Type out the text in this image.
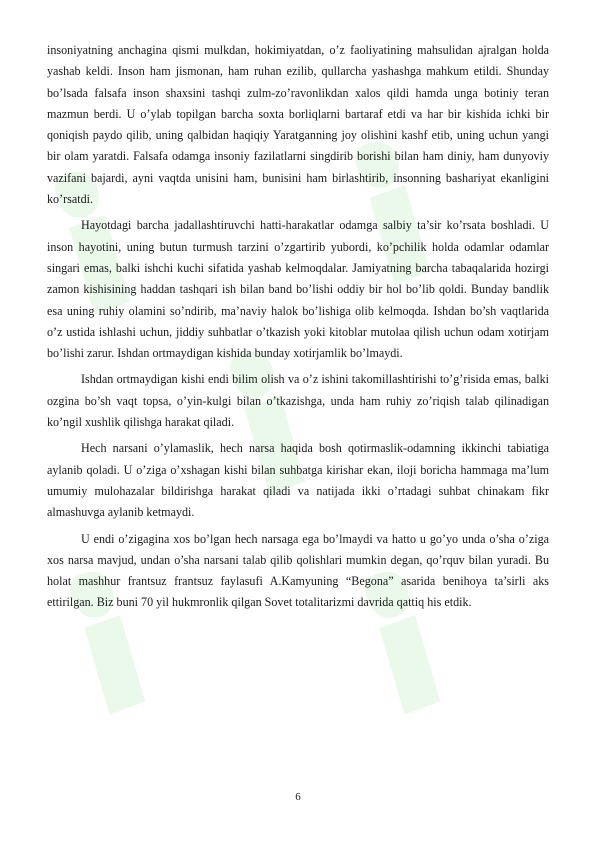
insoniyatning anchagina qismi mulkdan, hokimiyatdan, o’z faoliyatining mahsulidan ajralgan holda yashab keldi. Inson ham jismonan, ham ruhan ezilib, qullarcha yashashga mahkum etildi. Shunday bo’lsada falsafa inson shaxsini tashqi zulm-zo’ravonlikdan xalos qildi hamda unga botiniy teran mazmun berdi. U o’ylab topilgan barcha soxta borliqlarni bartaraf etdi va har bir kishida ichki bir qoniqish paydo qilib, uning qalbidan haqiqiy Yaratganning joy olishini kashf etib, uning uchun yangi bir olam yaratdi. Falsafa odamga insoniy fazilatlarni singdirib borishi bilan ham diniy, ham dunyoviy vazifani bajardi, ayni vaqtda unisini ham, bunisini ham birlashtirib, insonning bashariyat ekanligini ko’rsatdi.

Hayotdagi barcha jadallashtiruvchi hatti-harakatlar odamga salbiy ta’sir ko’rsata boshladi. U inson hayotini, uning butun turmush tarzini o’zgartirib yubordi, ko’pchilik holda odamlar odamlar singari emas, balki ishchi kuchi sifatida yashab kelmoqdalar. Jamiyatning barcha tabaqalarida hozirgi zamon kishisining haddan tashqari ish bilan band bo’lishi oddiy bir hol bo’lib qoldi. Bunday bandlik esa uning ruhiy olamini so’ndirib, ma’naviy halok bo’lishiga olib kelmoqda. Ishdan bo’sh vaqtlarida o’z ustida ishlashi uchun, jiddiy suhbatlar o’tkazish yoki kitoblar mutolaa qilish uchun odam xotirjam bo’lishi zarur. Ishdan ortmaydigan kishida bunday xotirjamlik bo’lmaydi.

Ishdan ortmaydigan kishi endi bilim olish va o’z ishini takomillashtirishi to’g’risida emas, balki ozgina bo’sh vaqt topsa, o’yin-kulgi bilan o’tkazishga, unda ham ruhiy zo’riqish talab qilinadigan ko’ngil xushlik qilishga harakat qiladi.

Hech narsani o’ylamaslik, hech narsa haqida bosh qotirmaslik-odamning ikkinchi tabiatiga aylanib qoladi. U o’ziga o’xshagan kishi bilan suhbatga kirishar ekan, iloji boricha hammaga ma’lum umumiy mulohazalar bildirishga harakat qiladi va natijada ikki o’rtadagi suhbat chinakam fikr almashuvga aylanib ketmaydi.

U endi o’zigagina xos bo’lgan hech narsaga ega bo’lmaydi va hatto u go’yo unda o’sha o’ziga xos narsa mavjud, undan o’sha narsani talab qilib qolishlari mumkin degan, qo’rquv bilan yuradi. Bu holat mashhur frantsuz frantsuz faylasufi A.Kamyuning “Begona” asarida benihoya ta’sirli aks ettirilgan. Biz buni 70 yil hukmronlik qilgan Sovet totalitarizmi davrida qattiq his etdik.

6
